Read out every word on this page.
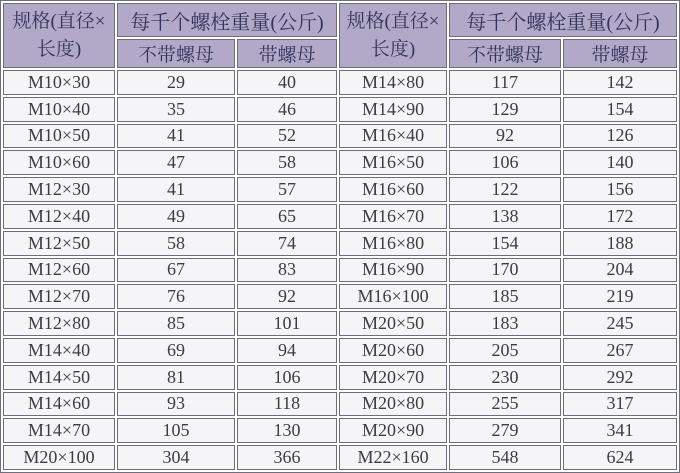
规格(直径×
长度)	每千个螺栓重量(公斤)		规格(直径×
长度)	每千个螺栓重量(公斤)	
	不带螺母	带螺母		不带螺母	带螺母
M10×30	29	40	M14×80	117	142
M10×40	35	46	M14×90	129	154
M10×50	41	52	M16×40	92	126
M10×60	47	58	M16×50	106	140
M12×30	41	57	M16×60	122	156
M12×40	49	65	M16×70	138	172
M12×50	58	74	M16×80	154	188
M12×60	67	83	M16×90	170	204
M12×70	76	92	M16×100	185	219
M12×80	85	101	M20×50	183	245
M14×40	69	94	M20×60	205	267
M14×50	81	106	M20×70	230	292
M14×60	93	118	M20×80	255	317
M14×70	105	130	M20×90	279	341
M20×100	304	366	M22×160	548	624
